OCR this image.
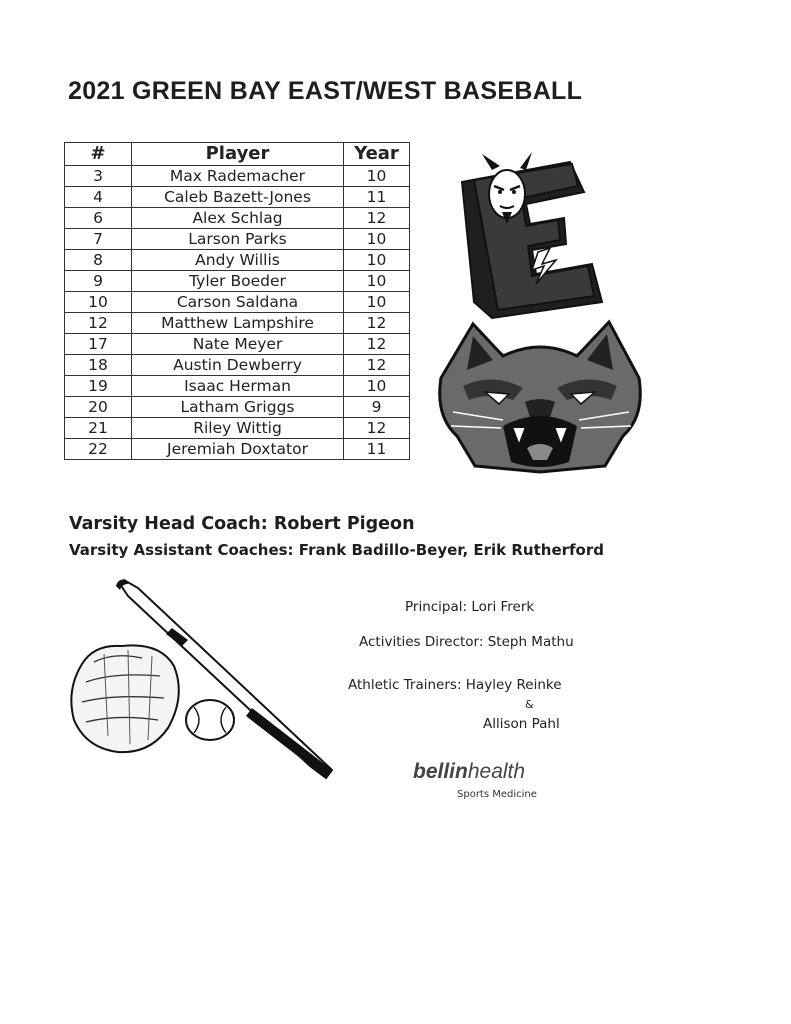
2021 GREEN BAY EAST/WEST BASEBALL
#	Player	Year
3	Max Rademacher	10
4	Caleb Bazett-Jones	11
6	Alex Schlag	12
7	Larson Parks	10
8	Andy Willis	10
9	Tyler Boeder	10
10	Carson Saldana	10
12	Matthew Lampshire	12
17	Nate Meyer	12
18	Austin Dewberry	12
19	Isaac Herman	10
20	Latham Griggs	9
21	Riley Wittig	12
22	Jeremiah Doxtator	11
Varsity Head Coach: Robert Pigeon
Varsity Assistant Coaches: Frank Badillo-Beyer, Erik Rutherford
Principal: Lori Frerk
Activities Director: Steph Mathu
Athletic Trainers: Hayley Reinke
&
Allison Pahl
bellinhealth
Sports Medicine
